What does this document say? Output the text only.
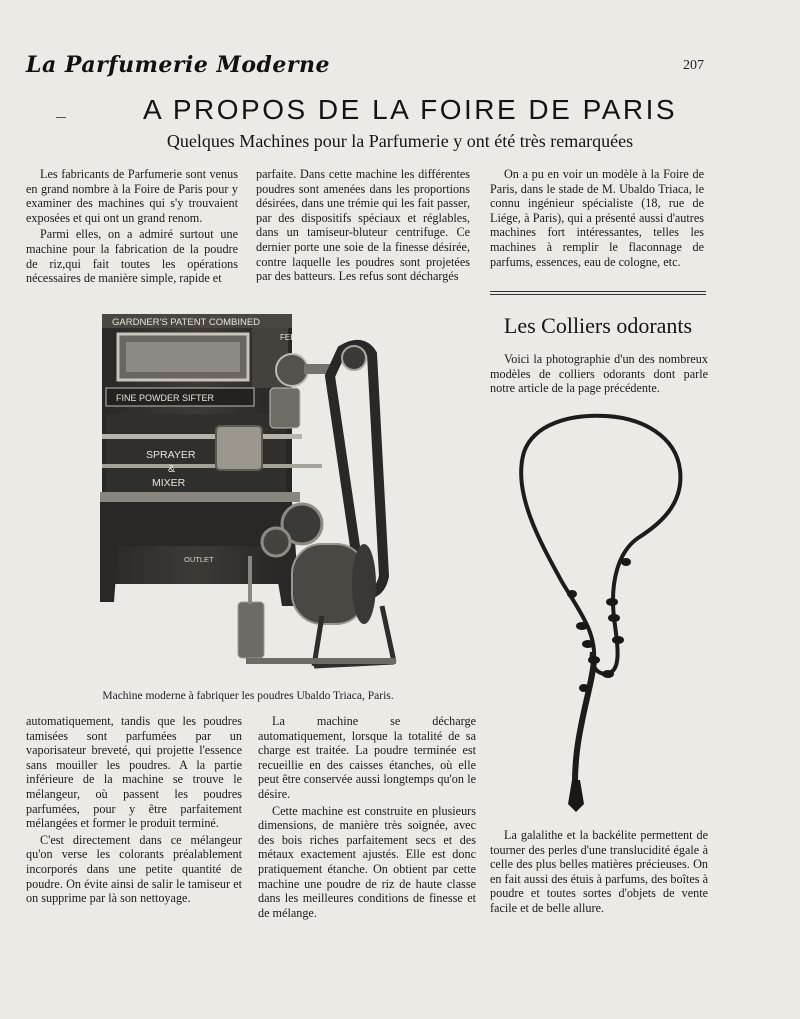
La Parfumerie Moderne	207
A PROPOS DE LA FOIRE DE PARIS
Quelques Machines pour la Parfumerie y ont été très remarquées

Les fabricants de Parfumerie sont venus en grand nombre à la Foire de Paris pour y examiner des machines qui s'y trouvaient exposées et qui ont un grand renom.

Parmi elles, on a admiré surtout une machine pour la fabrication de la poudre de riz,qui fait toutes les opérations nécessaires de manière simple, rapide et

parfaite. Dans cette machine les différentes poudres sont amenées dans les proportions désirées, dans une trémie qui les fait passer, par des dispositifs spéciaux et réglables, dans un tamiseur-bluteur centrifuge. Ce dernier porte une soie de la finesse désirée, contre laquelle les poudres sont projetées par des batteurs. Les refus sont déchargés

On a pu en voir un modèle à la Foire de Paris, dans le stade de M. Ubaldo Triaca, le connu ingénieur spécialiste (18, rue de Liége, à Paris), qui a présenté aussi d'autres machines fort intéressantes, telles les machines à remplir le flaconnage de parfums, essences, eau de cologne, etc.

GARDNER'S PATENT COMBINED
FEED
FINE POWDER SIFTER
SPRAYER
&
MIXER
OUTLET
Machine moderne à fabriquer les poudres Ubaldo Triaca, Paris.

automatiquement, tandis que les poudres tamisées sont parfumées par un vaporisateur breveté, qui projette l'essence sans mouiller les poudres. A la partie inférieure de la machine se trouve le mélangeur, où passent les poudres parfumées, pour y être parfaitement mélangées et former le produit terminé.

C'est directement dans ce mélangeur qu'on verse les colorants préalablement incorporés dans une petite quantité de poudre. On évite ainsi de salir le tamiseur et on supprime par là son nettoyage.

La machine se décharge automatiquement, lorsque la totalité de sa charge est traitée. La poudre terminée est recueillie en des caisses étanches, où elle peut être conservée aussi longtemps qu'on le désire.

Cette machine est construite en plusieurs dimensions, de manière très soignée, avec des bois riches parfaitement secs et des métaux exactement ajustés. Elle est donc pratiquement étanche. On obtient par cette machine une poudre de riz de haute classe dans les meilleures conditions de finesse et de mélange.

Les Colliers odorants

Voici la photographie d'un des nombreux modèles de colliers odorants dont parle notre article de la page précédente.

La galalithe et la backélite permettent de tourner des perles d'une translucidité égale à celle des plus belles matières précieuses. On en fait aussi des étuis à parfums, des boîtes à poudre et toutes sortes d'objets de vente facile et de belle allure.
